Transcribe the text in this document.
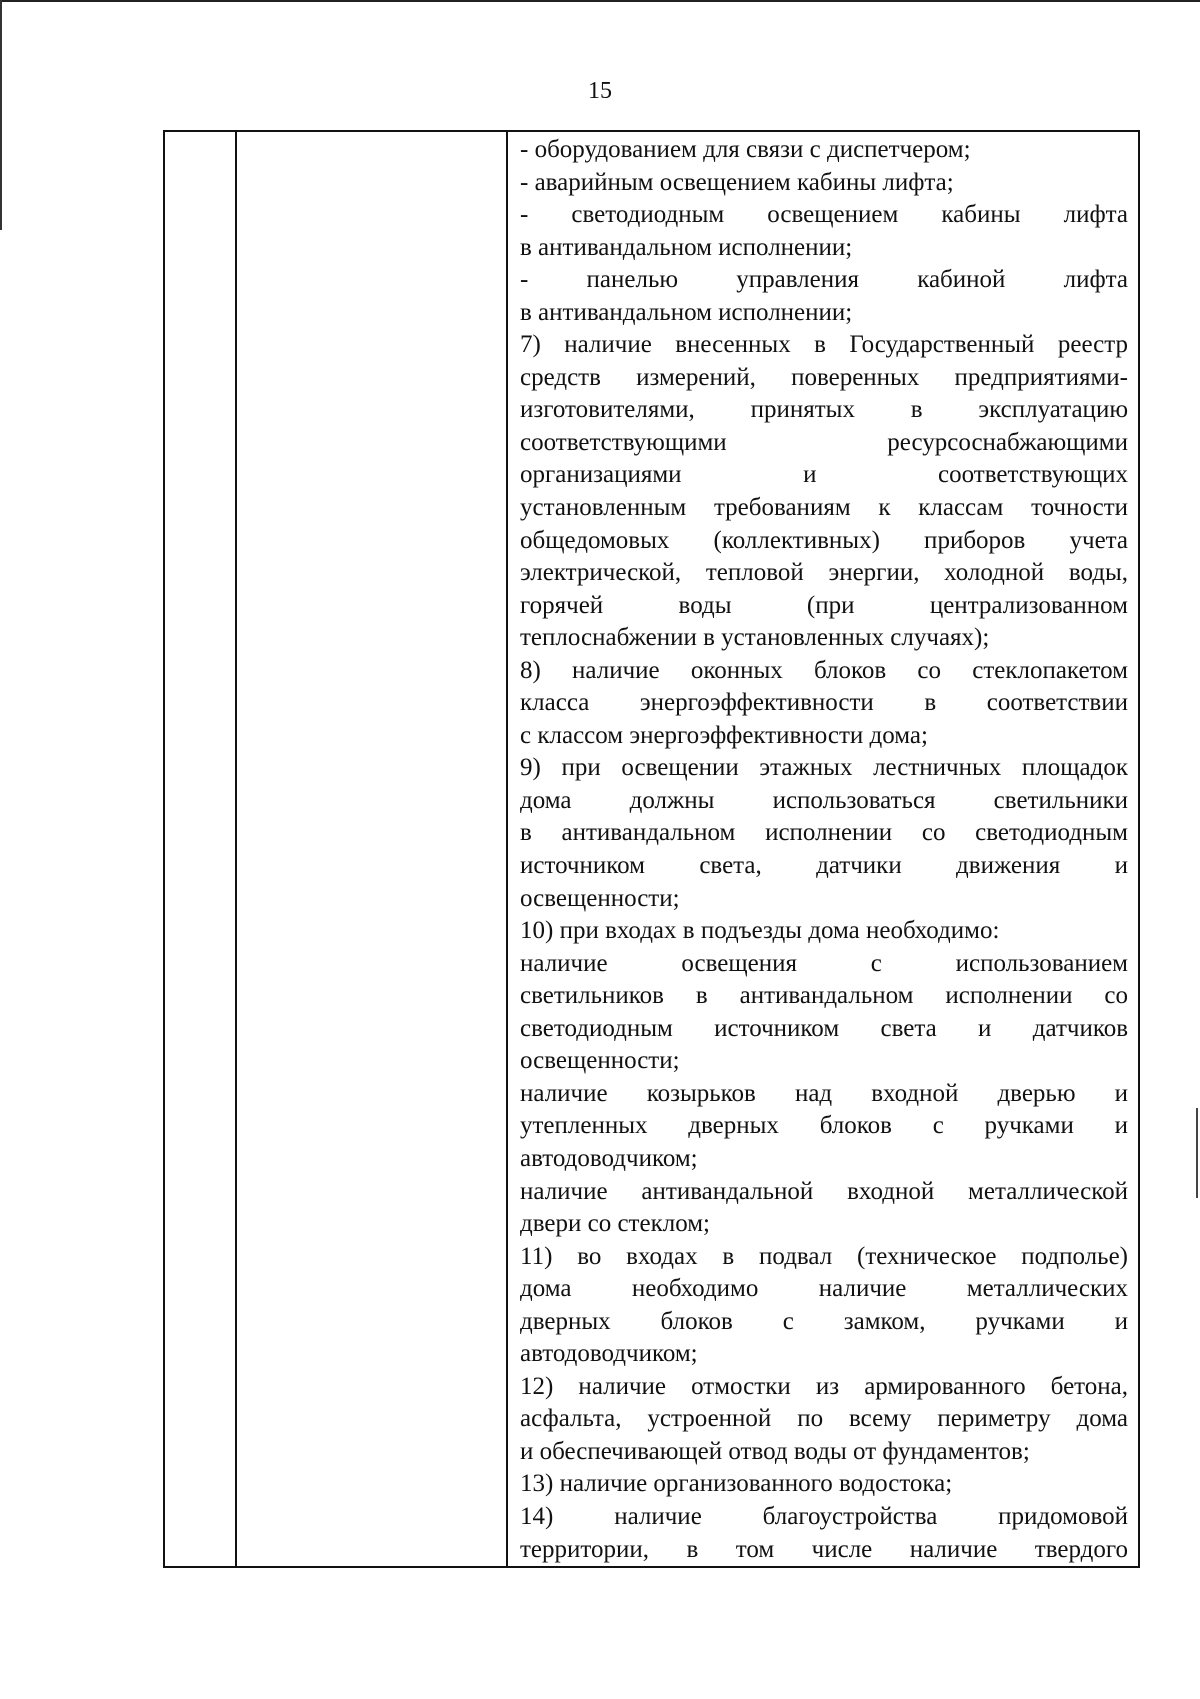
15
- оборудованием для связи с диспетчером;
- аварийным освещением кабины лифта;
- светодиодным освещением кабины лифта
в антивандальном исполнении;
- панелью управления кабиной лифта
в антивандальном исполнении;
7) наличие внесенных в Государственный реестр
средств измерений, поверенных предприятиями-
изготовителями, принятых в эксплуатацию
соответствующими ресурсоснабжающими
организациями и соответствующих
установленным требованиям к классам точности
общедомовых (коллективных) приборов учета
электрической, тепловой энергии, холодной воды,
горячей воды (при централизованном
теплоснабжении в установленных случаях);
8) наличие оконных блоков со стеклопакетом
класса энергоэффективности в соответствии
с классом энергоэффективности дома;
9) при освещении этажных лестничных площадок
дома должны использоваться светильники
в антивандальном исполнении со светодиодным
источником света, датчики движения и
освещенности;
10) при входах в подъезды дома необходимо:
наличие освещения с использованием
светильников в антивандальном исполнении со
светодиодным источником света и датчиков
освещенности;
наличие козырьков над входной дверью и
утепленных дверных блоков с ручками и
автодоводчиком;
наличие антивандальной входной металлической
двери со стеклом;
11) во входах в подвал (техническое подполье)
дома необходимо наличие металлических
дверных блоков с замком, ручками и
автодоводчиком;
12) наличие отмостки из армированного бетона,
асфальта, устроенной по всему периметру дома
и обеспечивающей отвод воды от фундаментов;
13) наличие организованного водостока;
14) наличие благоустройства придомовой
территории, в том числе наличие твердого
